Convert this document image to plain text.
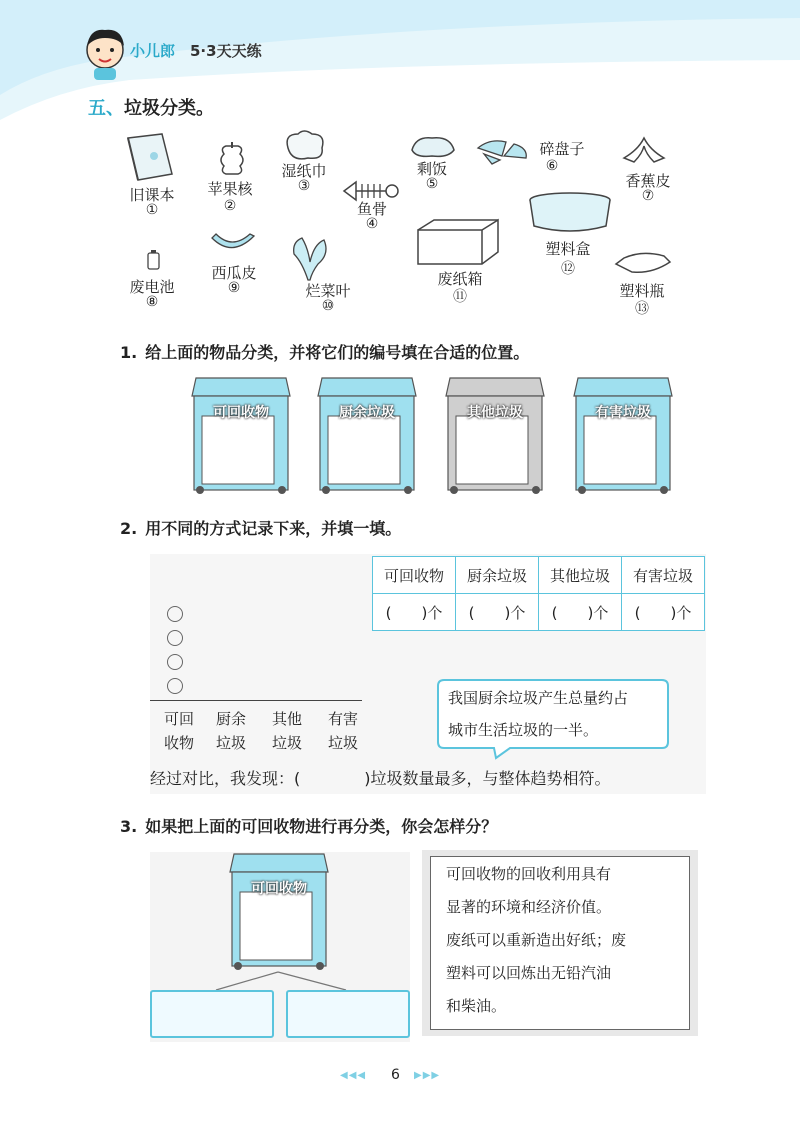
小儿郎 5·3天天练
五、垃圾分类。
旧课本
①
苹果核
②
湿纸巾
③
鱼骨
④
剩饭
⑤
碎盘子
⑥
香蕉皮
⑦
废电池
⑧
西瓜皮
⑨	烂菜叶
⑩
废纸箱
⑪
塑料盒
⑫
塑料瓶
⑬
1. 给上面的物品分类，并将它们的编号填在合适的位置。
可回收物	厨余垃圾	其他垃圾	有害垃圾
2. 用不同的方式记录下来，并填一填。
可回收物	厨余垃圾	其他垃圾	有害垃圾
(　　)个	(　　)个	(　　)个	(　　)个
可回
收物
厨余
垃圾
其他
垃圾
有害
垃圾
我国厨余垃圾产生总量约占
城市生活垃圾的一半。
经过对比，我发现：(　　　　)垃圾数量最多，与整体趋势相符。
3. 如果把上面的可回收物进行再分类，你会怎样分？
可回收物
可回收物的回收利用具有
显著的环境和经济价值。
废纸可以重新造出好纸；废
塑料可以回炼出无铅汽油
和柴油。
◀◀◀ 6 ▶▶▶
